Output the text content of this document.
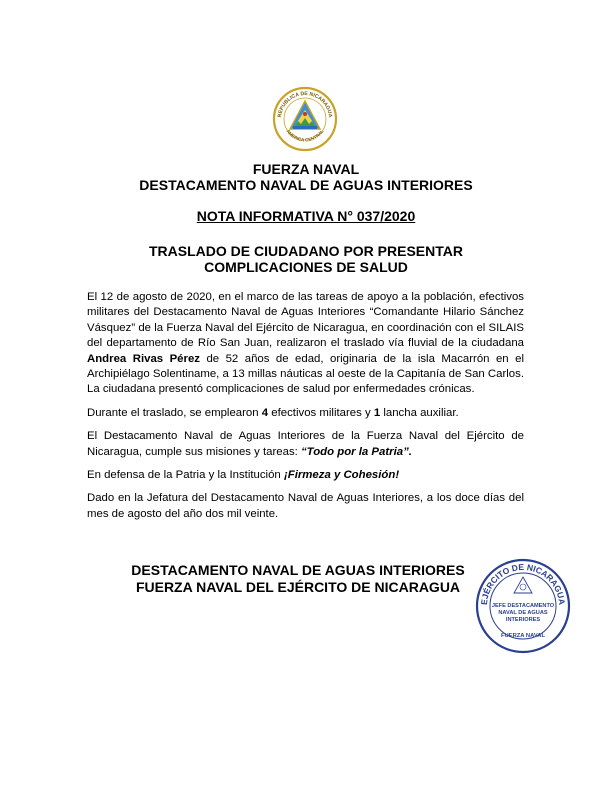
REPUBLICA DE NICARAGUA
AMERICA CENTRAL
FUERZA NAVAL
DESTACAMENTO NAVAL DE AGUAS INTERIORES
NOTA INFORMATIVA N° 037/2020
TRASLADO DE CIUDADANO POR PRESENTAR
COMPLICACIONES DE SALUD

El 12 de agosto de 2020, en el marco de las tareas de apoyo a la población, efectivos militares del Destacamento Naval de Aguas Interiores “Comandante Hilario Sánchez Vásquez” de la Fuerza Naval del Ejército de Nicaragua, en coordinación con el SILAIS del departamento de Río San Juan, realizaron el traslado vía fluvial de la ciudadana Andrea Rivas Pérez de 52 años de edad, originaria de la isla Macarrón en el Archipiélago Solentiname, a 13 millas náuticas al oeste de la Capitanía de San Carlos. La ciudadana presentó complicaciones de salud por enfermedades crónicas.

Durante el traslado, se emplearon 4 efectivos militares y 1 lancha auxiliar.

El Destacamento Naval de Aguas Interiores de la Fuerza Naval del Ejército de Nicaragua, cumple sus misiones y tareas: “Todo por la Patria”.

En defensa de la Patria y la Institución ¡Firmeza y Cohesión!

Dado en la Jefatura del Destacamento Naval de Aguas Interiores, a los doce días del mes de agosto del año dos mil veinte.

DESTACAMENTO NAVAL DE AGUAS INTERIORES
FUERZA NAVAL DEL EJÉRCITO DE NICARAGUA
EJÉRCITO DE NICARAGUA
JEFE DESTACAMENTO
NAVAL DE AGUAS
INTERIORES
FUERZA NAVAL
